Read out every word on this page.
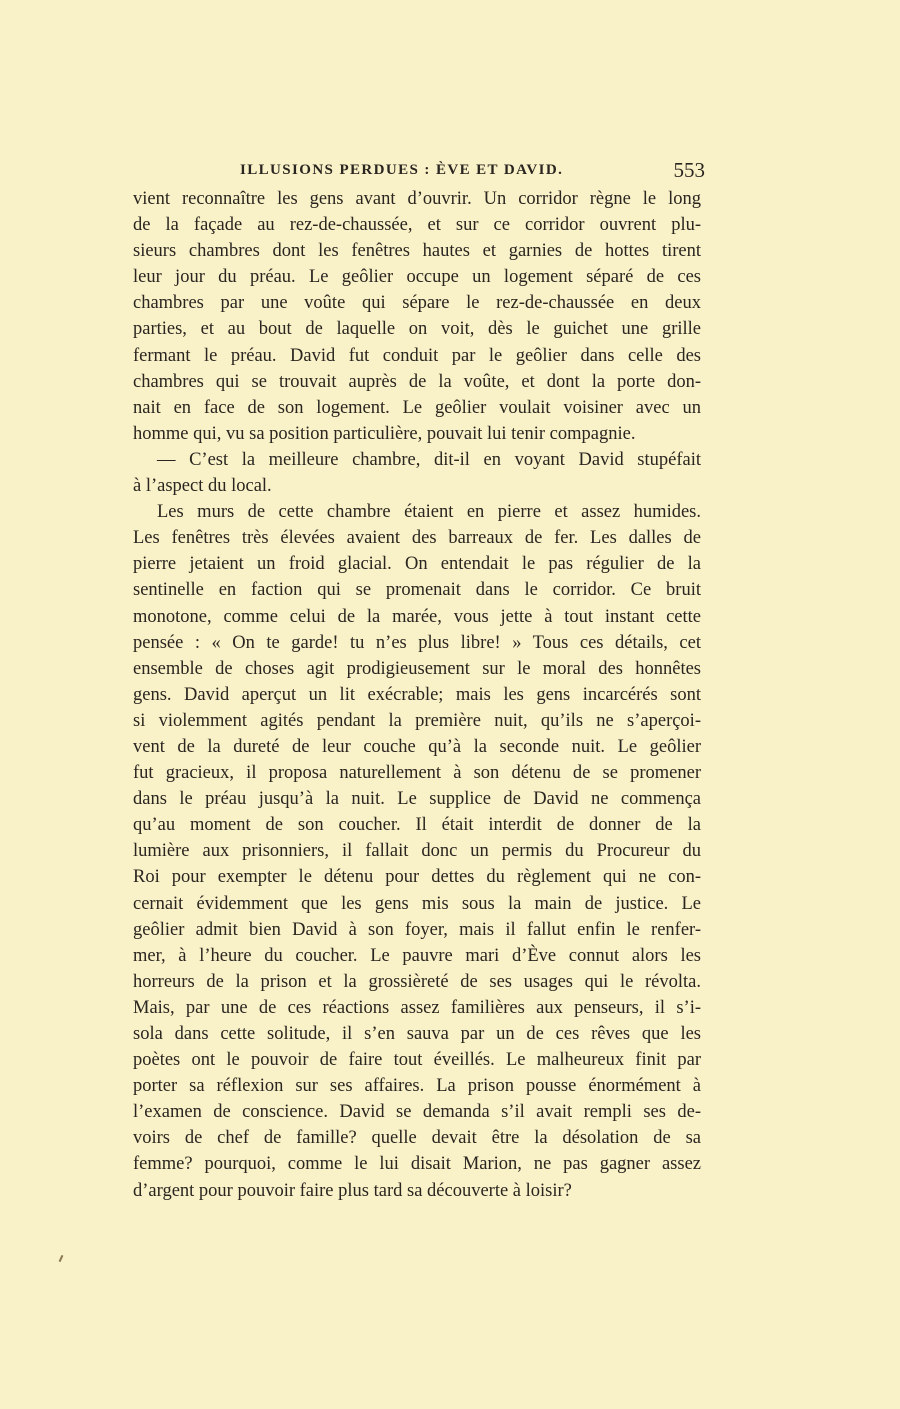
ILLUSIONS PERDUES : ÈVE ET DAVID.	553
vient reconnaître les gens avant d’ouvrir. Un corridor règne le long
de la façade au rez-de-chaussée, et sur ce corridor ouvrent plu-
sieurs chambres dont les fenêtres hautes et garnies de hottes tirent
leur jour du préau. Le geôlier occupe un logement séparé de ces
chambres par une voûte qui sépare le rez-de-chaussée en deux
parties, et au bout de laquelle on voit, dès le guichet une grille
fermant le préau. David fut conduit par le geôlier dans celle des
chambres qui se trouvait auprès de la voûte, et dont la porte don-
nait en face de son logement. Le geôlier voulait voisiner avec un
homme qui, vu sa position particulière, pouvait lui tenir compagnie.
— C’est la meilleure chambre, dit-il en voyant David stupéfait
à l’aspect du local.
Les murs de cette chambre étaient en pierre et assez humides.
Les fenêtres très élevées avaient des barreaux de fer. Les dalles de
pierre jetaient un froid glacial. On entendait le pas régulier de la
sentinelle en faction qui se promenait dans le corridor. Ce bruit
monotone, comme celui de la marée, vous jette à tout instant cette
pensée : « On te garde! tu n’es plus libre! » Tous ces détails, cet
ensemble de choses agit prodigieusement sur le moral des honnêtes
gens. David aperçut un lit exécrable; mais les gens incarcérés sont
si violemment agités pendant la première nuit, qu’ils ne s’aperçoi-
vent de la dureté de leur couche qu’à la seconde nuit. Le geôlier
fut gracieux, il proposa naturellement à son détenu de se promener
dans le préau jusqu’à la nuit. Le supplice de David ne commença
qu’au moment de son coucher. Il était interdit de donner de la
lumière aux prisonniers, il fallait donc un permis du Procureur du
Roi pour exempter le détenu pour dettes du règlement qui ne con-
cernait évidemment que les gens mis sous la main de justice. Le
geôlier admit bien David à son foyer, mais il fallut enfin le renfer-
mer, à l’heure du coucher. Le pauvre mari d’Ève connut alors les
horreurs de la prison et la grossièreté de ses usages qui le révolta.
Mais, par une de ces réactions assez familières aux penseurs, il s’i-
sola dans cette solitude, il s’en sauva par un de ces rêves que les
poètes ont le pouvoir de faire tout éveillés. Le malheureux finit par
porter sa réflexion sur ses affaires. La prison pousse énormément à
l’examen de conscience. David se demanda s’il avait rempli ses de-
voirs de chef de famille? quelle devait être la désolation de sa
femme? pourquoi, comme le lui disait Marion, ne pas gagner assez
d’argent pour pouvoir faire plus tard sa découverte à loisir?
